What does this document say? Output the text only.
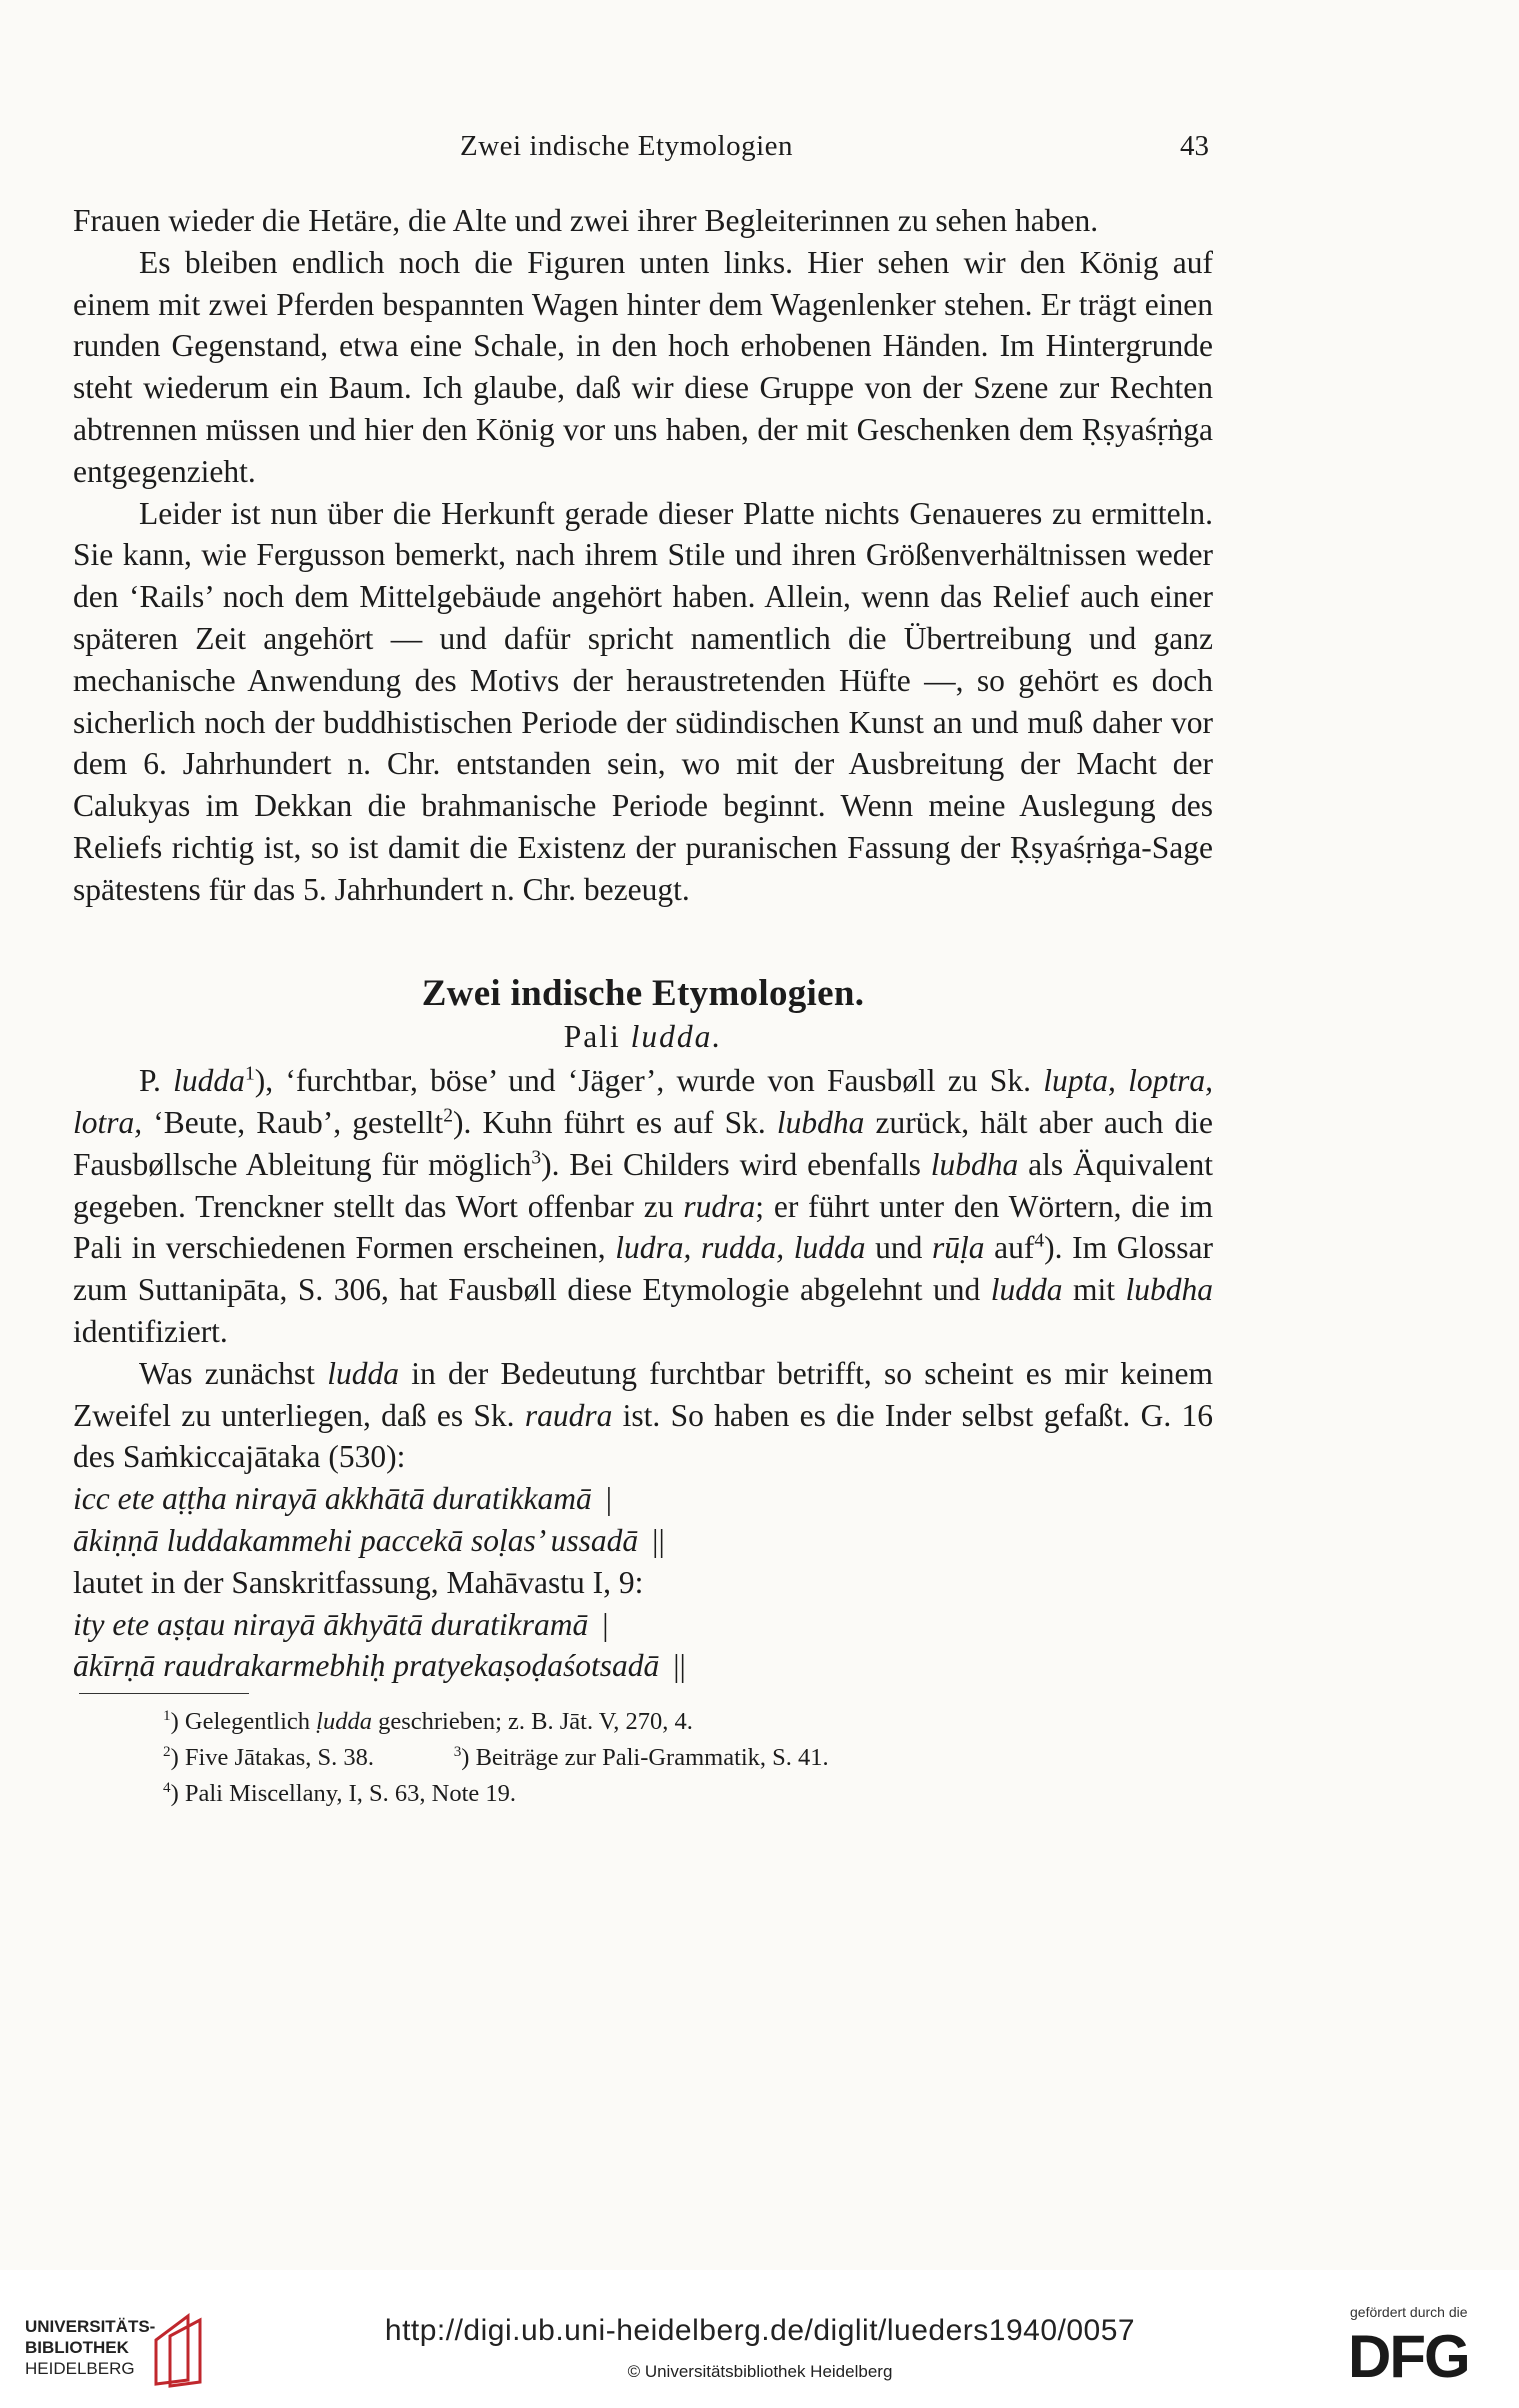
Zwei indische Etymologien	43

Frauen wieder die Hetäre, die Alte und zwei ihrer Begleiterinnen zu sehen haben.

Es bleiben endlich noch die Figuren unten links. Hier sehen wir den König auf einem mit zwei Pferden bespannten Wagen hinter dem Wagenlenker stehen. Er trägt einen runden Gegenstand, etwa eine Schale, in den hoch erhobenen Händen. Im Hintergrunde steht wiederum ein Baum. Ich glaube, daß wir diese Gruppe von der Szene zur Rechten abtrennen müssen und hier den König vor uns haben, der mit Geschenken dem Ṛṣyaśṛṅga entgegenzieht.

Leider ist nun über die Herkunft gerade dieser Platte nichts Genaueres zu ermitteln. Sie kann, wie Fergusson bemerkt, nach ihrem Stile und ihren Größenverhältnissen weder den ‘Rails’ noch dem Mittelgebäude angehört haben. Allein, wenn das Relief auch einer späteren Zeit angehört — und dafür spricht namentlich die Übertreibung und ganz mechanische Anwendung des Motivs der heraustretenden Hüfte —, so gehört es doch sicherlich noch der buddhistischen Periode der südindischen Kunst an und muß daher vor dem 6. Jahrhundert n. Chr. entstanden sein, wo mit der Ausbreitung der Macht der Calukyas im Dekkan die brahmanische Periode beginnt. Wenn meine Auslegung des Reliefs richtig ist, so ist damit die Existenz der puranischen Fassung der Ṛṣyaśṛṅga-Sage spätestens für das 5. Jahrhundert n. Chr. bezeugt.

Zwei indische Etymologien.
Pali ludda.

P. ludda$^1$), ‘furchtbar, böse’ und ‘Jäger’, wurde von Fausbøll zu Sk. lupta, loptra, lotra, ‘Beute, Raub’, gestellt$^2$). Kuhn führt es auf Sk. lubdha zurück, hält aber auch die Fausbøllsche Ableitung für möglich$^3$). Bei Childers wird ebenfalls lubdha als Äquivalent gegeben. Trenckner stellt das Wort offenbar zu rudra; er führt unter den Wörtern, die im Pali in verschiedenen Formen erscheinen, ludra, rudda, ludda und rūḷa auf$^4$). Im Glossar zum Suttanipāta, S. 306, hat Fausbøll diese Etymologie abgelehnt und ludda mit lubdha identifiziert.

Was zunächst ludda in der Bedeutung furchtbar betrifft, so scheint es mir keinem Zweifel zu unterliegen, daß es Sk. raudra ist. So haben es die Inder selbst gefaßt. G. 16 des Saṁkiccajātaka (530):

icc ete aṭṭha nirayā akkhātā duratikkamā |

ākiṇṇā luddakammehi paccekā soḷas’ ussadā ||

lautet in der Sanskritfassung, Mahāvastu I, 9:

ity ete aṣṭau nirayā ākhyātā duratikramā |

ākīrṇā raudrakarmebhiḥ pratyekaṣoḍaśotsadā ||

$^1$) Gelegentlich ḷudda geschrieben; z. B. Jāt. V, 270, 4.

$^2$) Five Jātakas, S. 38.             $^3$) Beiträge zur Pali-Grammatik, S. 41.

$^4$) Pali Miscellany, I, S. 63, Note 19.

UNIVERSITÄTS-
BIBLIOTHEK
HEIDELBERG
http://digi.ub.uni-heidelberg.de/diglit/lueders1940/0057
© Universitätsbibliothek Heidelberg
gefördert durch die
DFG
